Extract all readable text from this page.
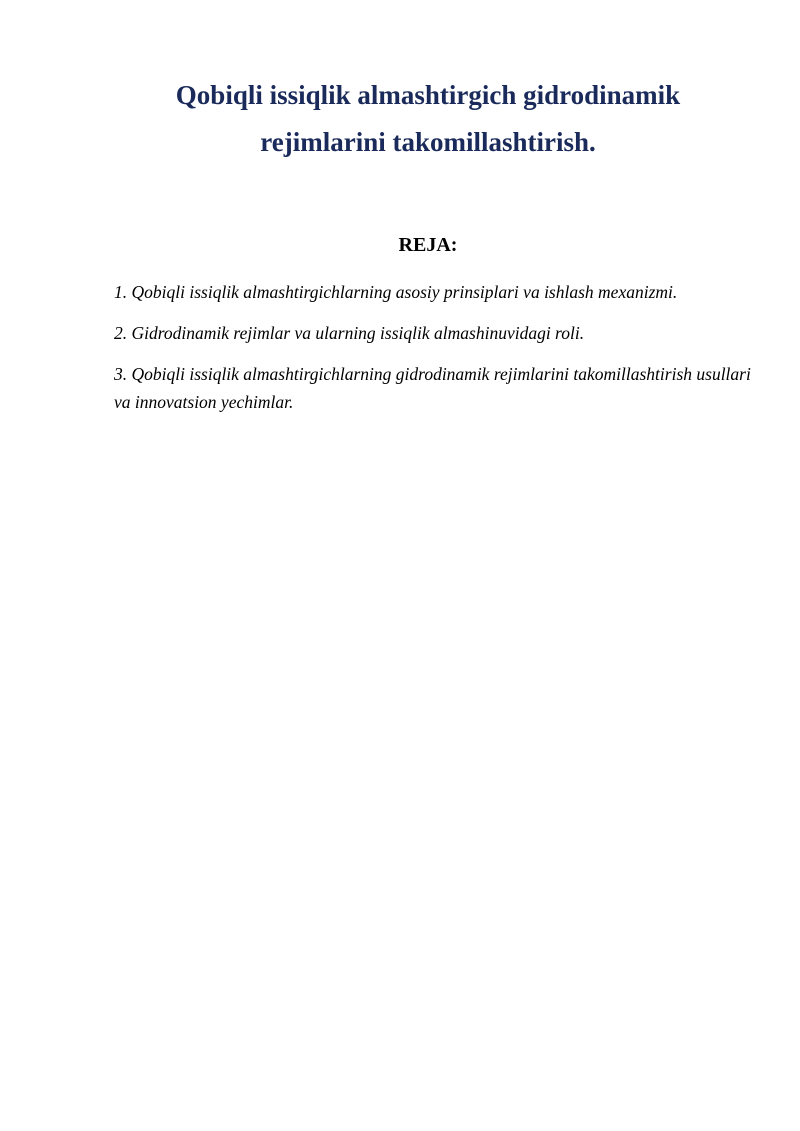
Qobiqli issiqlik almashtirgich gidrodinamik
rejimlarini takomillashtirish.
REJA:
1. Qobiqli issiqlik almashtirgichlarning asosiy prinsiplari va ishlash mexanizmi.
2. Gidrodinamik rejimlar va ularning issiqlik almashinuvidagi roli.
3. Qobiqli issiqlik almashtirgichlarning gidrodinamik rejimlarini takomillashtirish usullari va innovatsion yechimlar.
